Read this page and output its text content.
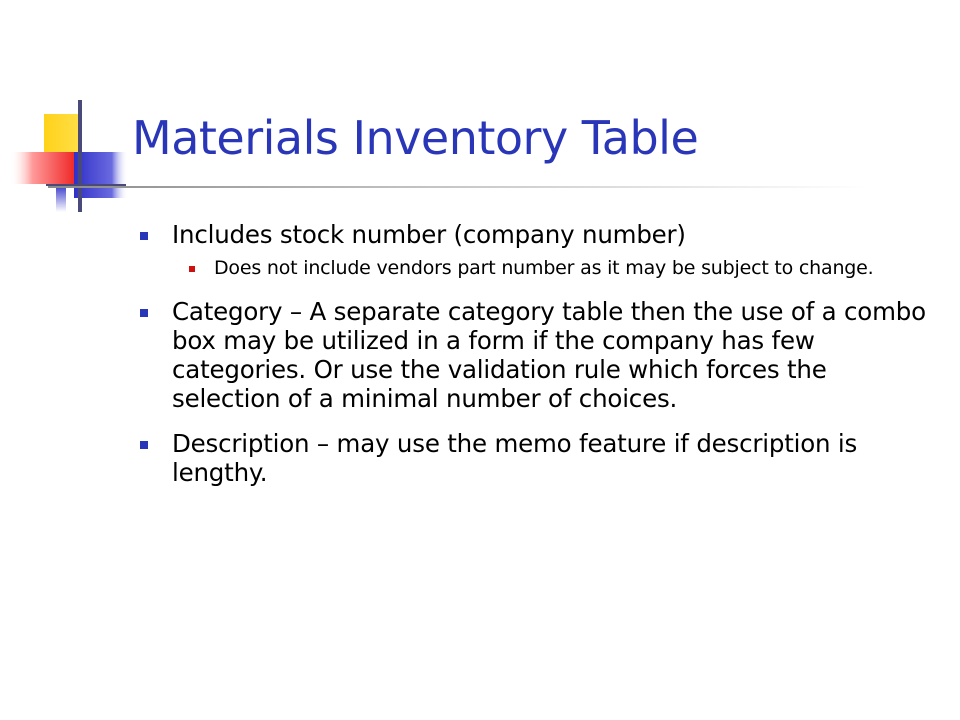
Materials Inventory Table
Includes stock number (company number)
Does not include vendors part number as it may be subject to change.
Category – A separate category table then the use of a combo box may be utilized in a form if the company has few categories. Or use the validation rule which forces the selection of a minimal number of choices.
Description – may use the memo feature if description is lengthy.
